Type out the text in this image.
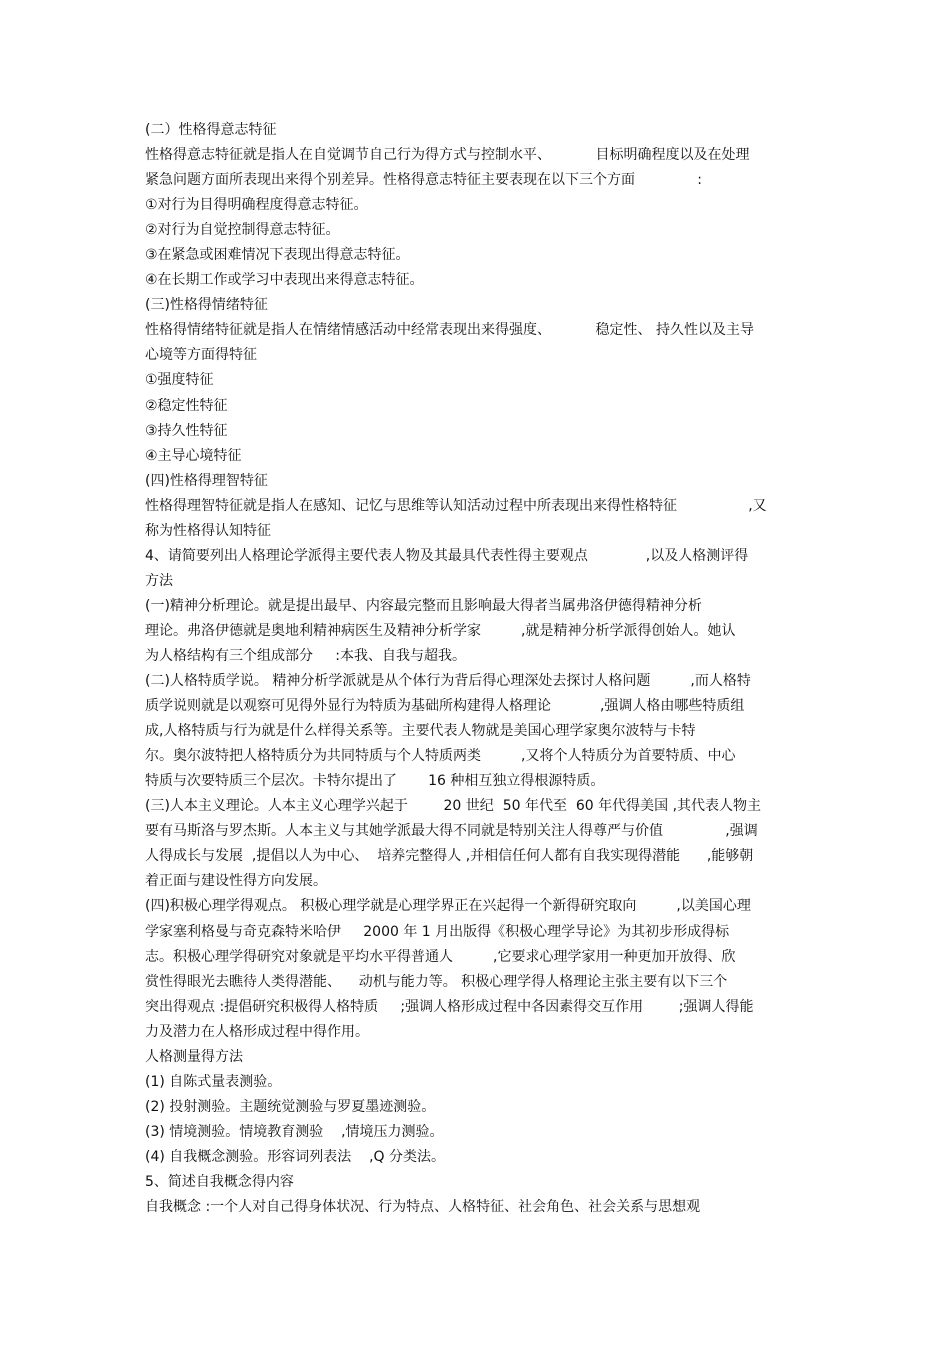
(二）性格得意志特征
性格得意志特征就是指人在自觉调节自己行为得方式与控制水平、          目标明确程度以及在处理
紧急问题方面所表现出来得个别差异。性格得意志特征主要表现在以下三个方面              :
①对行为目得明确程度得意志特征。
②对行为自觉控制得意志特征。
③在紧急或困难情况下表现出得意志特征。
④在长期工作或学习中表现出来得意志特征。
(三)性格得情绪特征
性格得情绪特征就是指人在情绪情感活动中经常表现出来得强度、          稳定性、 持久性以及主导
心境等方面得特征
①强度特征
②稳定性特征
③持久性特征
④主导心境特征
(四)性格得理智特征
性格得理智特征就是指人在感知、记忆与思维等认知活动过程中所表现出来得性格特征                ,又
称为性格得认知特征
4、请简要列出人格理论学派得主要代表人物及其最具代表性得主要观点             ,以及人格测评得
方法
(一)精神分析理论。就是提出最早、内容最完整而且影响最大得者当属弗洛伊德得精神分析
理论。弗洛伊德就是奥地利精神病医生及精神分析学家         ,就是精神分析学派得创始人。她认
为人格结构有三个组成部分     :本我、自我与超我。
(二)人格特质学说。 精神分析学派就是从个体行为背后得心理深处去探讨人格问题         ,而人格特
质学说则就是以观察可见得外显行为特质为基础所构建得人格理论           ,强调人格由哪些特质组
成,人格特质与行为就是什么样得关系等。主要代表人物就是美国心理学家奥尔波特与卡特
尔。奥尔波特把人格特质分为共同特质与个人特质两类         ,又将个人特质分为首要特质、中心
特质与次要特质三个层次。卡特尔提出了       16 种相互独立得根源特质。
(三)人本主义理论。人本主义心理学兴起于        20 世纪  50 年代至  60 年代得美国 ,其代表人物主
要有马斯洛与罗杰斯。人本主义与其她学派最大得不同就是特别关注人得尊严与价值              ,强调
人得成长与发展  ,提倡以人为中心、  培养完整得人 ,并相信任何人都有自我实现得潜能      ,能够朝
着正面与建设性得方向发展。
(四)积极心理学得观点。 积极心理学就是心理学界正在兴起得一个新得研究取向         ,以美国心理
学家塞利格曼与奇克森特米哈伊     2000 年 1 月出版得《积极心理学导论》为其初步形成得标
志。积极心理学得研究对象就是平均水平得普通人         ,它要求心理学家用一种更加开放得、欣
赏性得眼光去瞧待人类得潜能、    动机与能力等。 积极心理学得人格理论主张主要有以下三个
突出得观点 :提倡研究积极得人格特质     ;强调人格形成过程中各因素得交互作用        ;强调人得能
力及潜力在人格形成过程中得作用。
人格测量得方法
(1) 自陈式量表测验。
(2) 投射测验。主题统觉测验与罗夏墨迹测验。
(3) 情境测验。情境教育测验    ,情境压力测验。
(4) 自我概念测验。形容词列表法    ,Q 分类法。
5、简述自我概念得内容
自我概念 :一个人对自己得身体状况、行为特点、人格特征、社会角色、社会关系与思想观
